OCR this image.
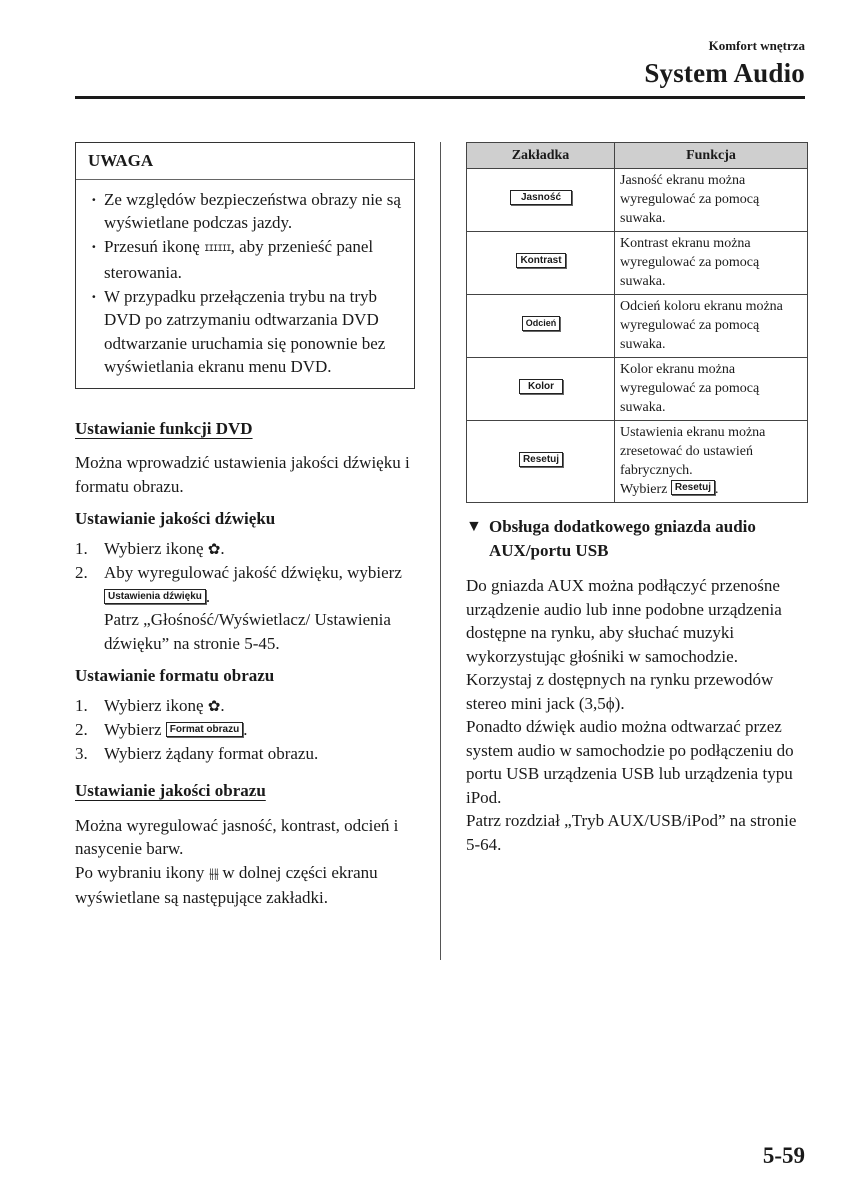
Komfort wnętrza
System Audio
UWAGA
· Ze względów bezpieczeństwa obrazy nie są wyświetlane podczas jazdy.
· Przesuń ikonę IIIIII, aby przenieść panel sterowania.
· W przypadku przełączenia trybu na tryb DVD po zatrzymaniu odtwarzania DVD odtwarzanie uruchamia się ponownie bez wyświetlania ekranu menu DVD.
Ustawianie funkcji DVD

Można wprowadzić ustawienia jakości dźwięku i formatu obrazu.

Ustawianie jakości dźwięku
1. Wybierz ikonę ✿.
2. Aby wyregulować jakość dźwięku, wybierz Ustawienia dźwięku .
Patrz „Głośność/Wyświetlacz/ Ustawienia dźwięku” na stronie 5-45.
Ustawianie formatu obrazu
1. Wybierz ikonę ✿.
2. Wybierz Format obrazu .
3. Wybierz żądany format obrazu.
Ustawianie jakości obrazu

Można wyregulować jasność, kontrast, odcień i nasycenie barw.

Po wybraniu ikony ⫳⫳ w dolnej części ekranu wyświetlane są następujące zakładki.

Zakładka	Funkcja
Jasność	Jasność ekranu można wyregulować za pomocą suwaka.
Kontrast	Kontrast ekranu można wyregulować za pomocą suwaka.
Odcień	Odcień koloru ekranu można wyregulować za pomocą suwaka.
Kolor	Kolor ekranu można wyregulować za pomocą suwaka.
Resetuj	Ustawienia ekranu można zresetować do ustawień fabrycznych.
Wybierz Resetuj .
▼ Obsługa dodatkowego gniazda audio AUX/portu USB

Do gniazda AUX można podłączyć przenośne urządzenie audio lub inne podobne urządzenia dostępne na rynku, aby słuchać muzyki wykorzystując głośniki w samochodzie.

Korzystaj z dostępnych na rynku przewodów stereo mini jack (3,5ϕ).

Ponadto dźwięk audio można odtwarzać przez system audio w samochodzie po podłączeniu do portu USB urządzenia USB lub urządzenia typu iPod.

Patrz rozdział „Tryb AUX/USB/iPod” na stronie 5-64.

5-59
